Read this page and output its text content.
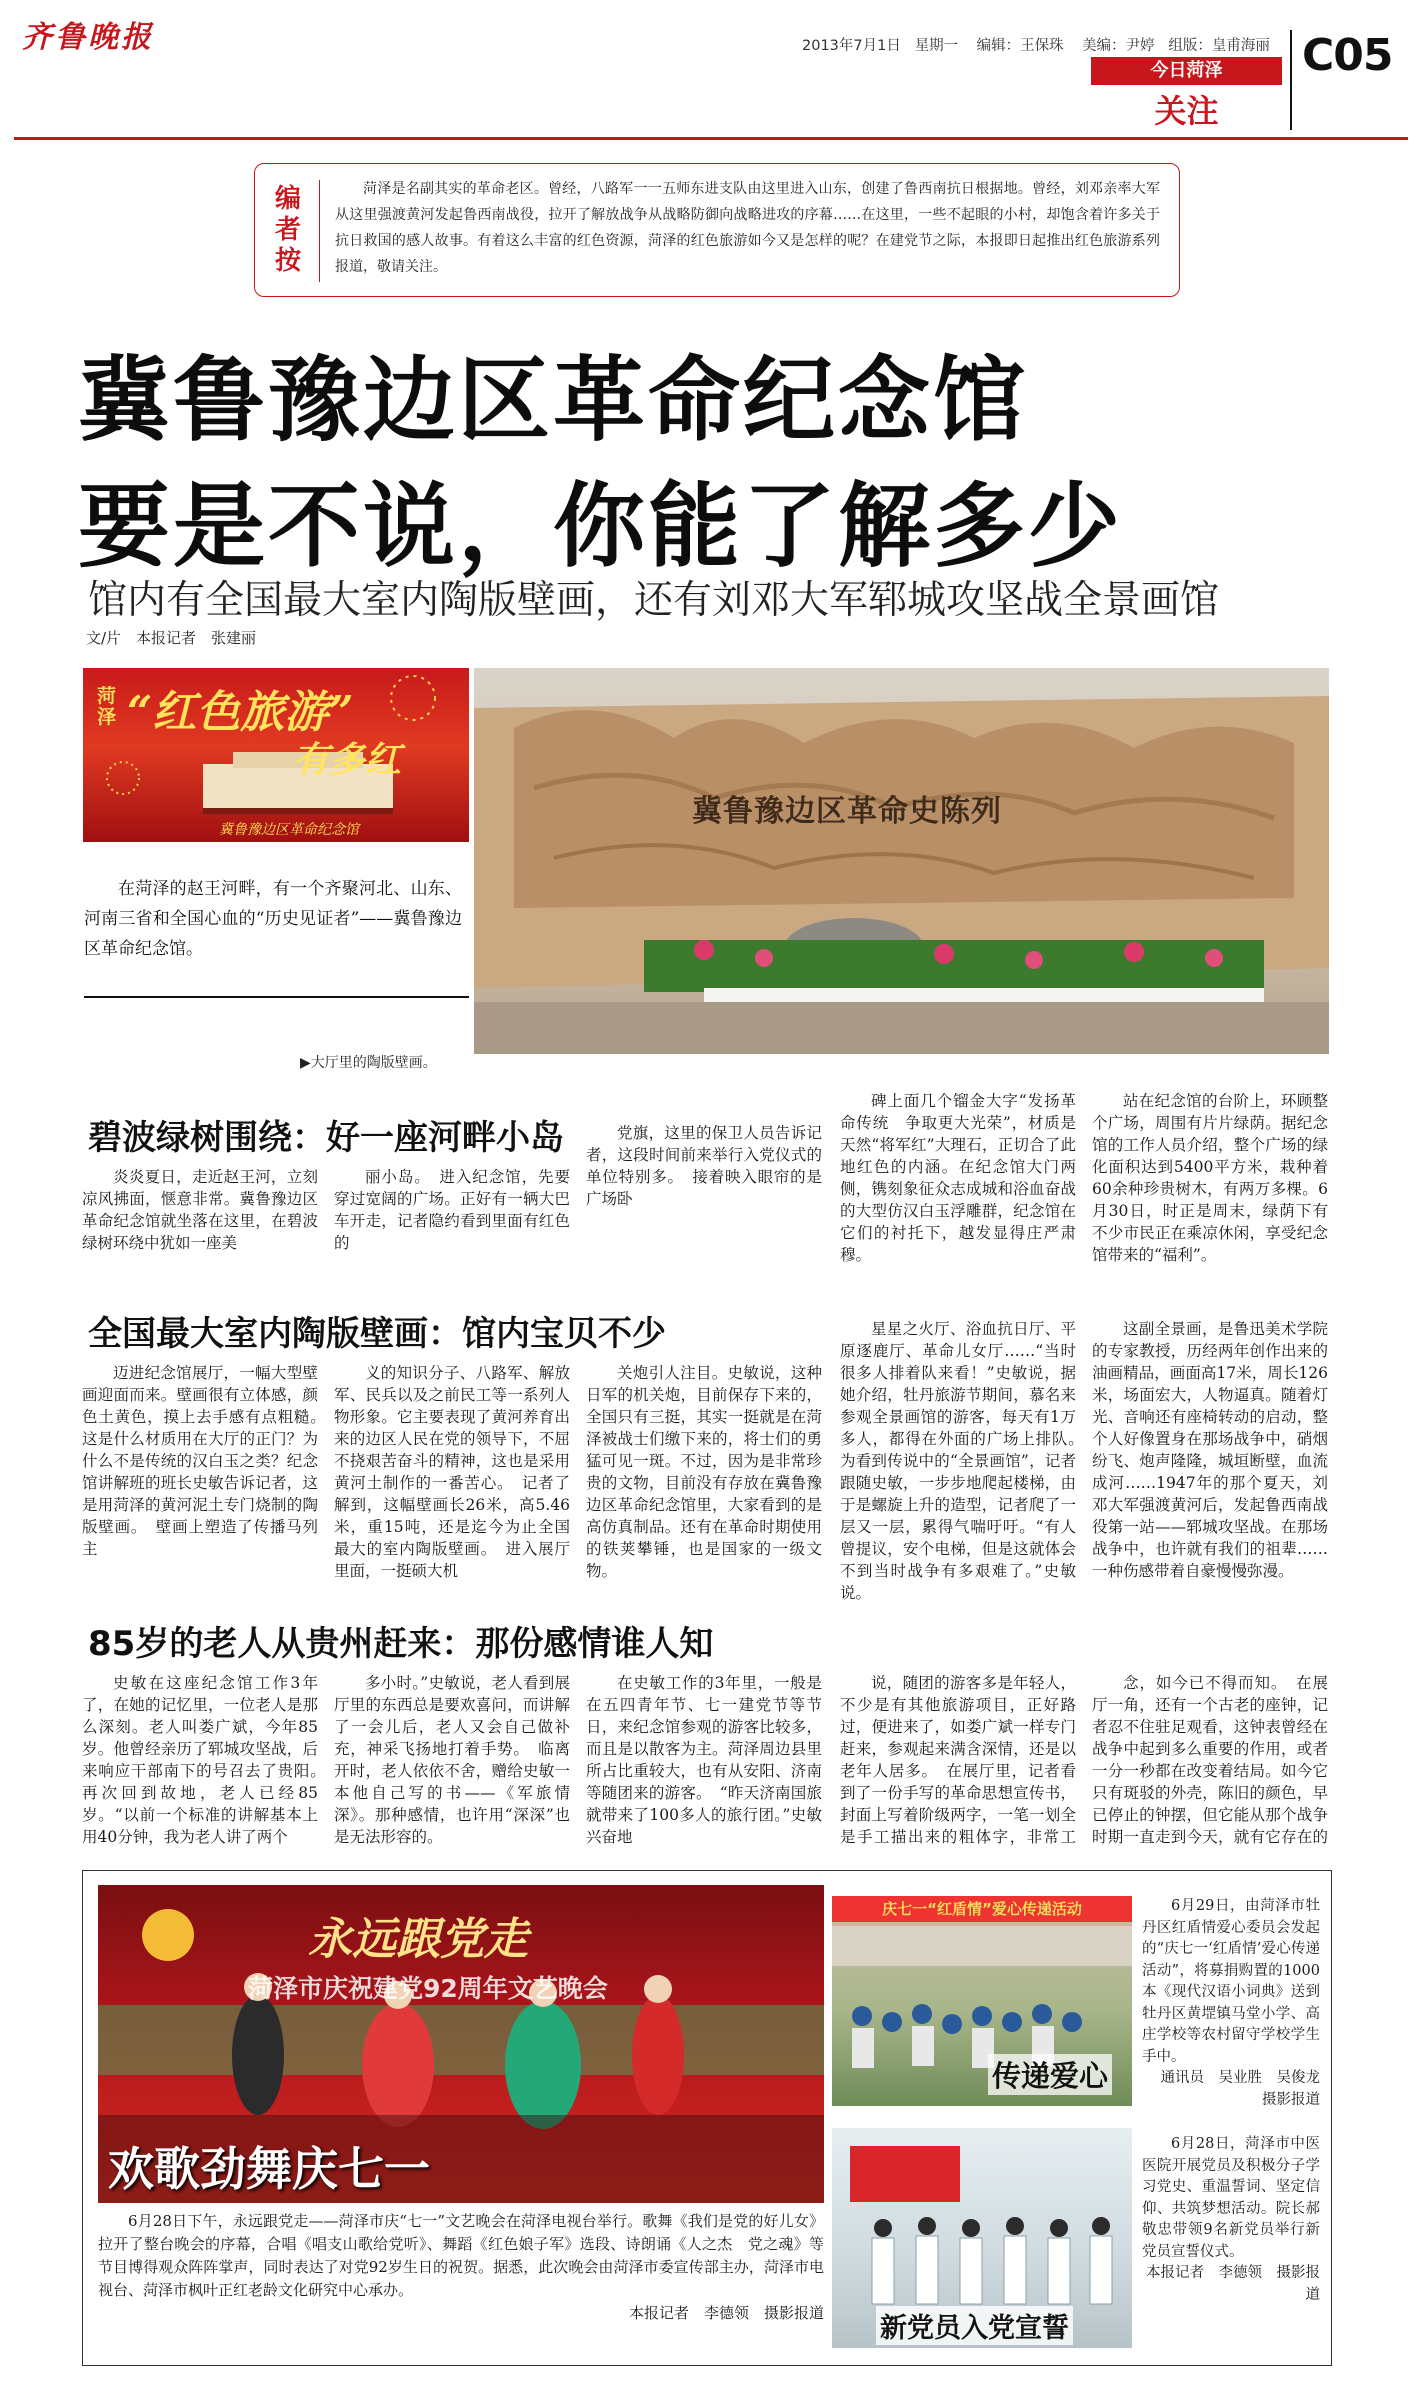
齐鲁晚报	2013年7月1日 星期一 编辑：王保珠 美编：尹婷 组版：皇甫海丽
今日菏泽
关注
C05
编者按
菏泽是名副其实的革命老区。曾经，八路军一一五师东进支队由这里进入山东，创建了鲁西南抗日根据地。曾经，刘邓亲率大军从这里强渡黄河发起鲁西南战役，拉开了解放战争从战略防御向战略进攻的序幕……在这里，一些不起眼的小村，却饱含着许多关于抗日救国的感人故事。有着这么丰富的红色资源，菏泽的红色旅游如今又是怎样的呢？在建党节之际，本报即日起推出红色旅游系列报道，敬请关注。
冀鲁豫边区革命纪念馆
要是不说，你能了解多少
馆内有全国最大室内陶版壁画，还有刘邓大军郓城攻坚战全景画馆
文/片　本报记者　张建丽
菏泽 “红色旅游”
有多红
冀鲁豫边区革命纪念馆
冀鲁豫边区革命史陈列
▶大厅里的陶版壁画。
在菏泽的赵王河畔，有一个齐聚河北、山东、河南三省和全国心血的“历史见证者”——冀鲁豫边区革命纪念馆。
碧波绿树围绕：好一座河畔小岛

炎炎夏日，走近赵王河，立刻凉风拂面，惬意非常。冀鲁豫边区革命纪念馆就坐落在这里，在碧波绿树环绕中犹如一座美

丽小岛。　进入纪念馆，先要穿过宽阔的广场。正好有一辆大巴车开走，记者隐约看到里面有红色的

党旗，这里的保卫人员告诉记者，这段时间前来举行入党仪式的单位特别多。　接着映入眼帘的是广场卧

全国最大室内陶版壁画：馆内宝贝不少

迈进纪念馆展厅，一幅大型壁画迎面而来。壁画很有立体感，颜色土黄色，摸上去手感有点粗糙。　这是什么材质用在大厅的正门？为什么不是传统的汉白玉之类？纪念馆讲解班的班长史敏告诉记者，这是用菏泽的黄河泥土专门烧制的陶版壁画。　壁画上塑造了传播马列主

义的知识分子、八路军、解放军、民兵以及之前民工等一系列人物形象。它主要表现了黄河养育出来的边区人民在党的领导下，不屈不挠艰苦奋斗的精神，这也是采用黄河土制作的一番苦心。　记者了解到，这幅壁画长26米，高5.46米，重15吨，还是迄今为止全国最大的室内陶版壁画。　进入展厅里面，一挺硕大机

关炮引人注目。史敏说，这种日军的机关炮，目前保存下来的，全国只有三挺，其实一挺就是在菏泽被战士们缴下来的，将士们的勇猛可见一斑。不过，因为是非常珍贵的文物，目前没有存放在冀鲁豫边区革命纪念馆里，大家看到的是高仿真制品。还有在革命时期使用的铁荚攀锤，也是国家的一级文物。

85岁的老人从贵州赶来：那份感情谁人知

史敏在这座纪念馆工作3年了，在她的记忆里，一位老人是那么深刻。老人叫娄广斌，今年85岁。他曾经亲历了郓城攻坚战，后来响应干部南下的号召去了贵阳。　再次回到故地，老人已经85岁。“以前一个标准的讲解基本上用40分钟，我为老人讲了两个

多小时。”史敏说，老人看到展厅里的东西总是要欢喜问，而讲解了一会儿后，老人又会自己做补充，神采飞扬地打着手势。　临离开时，老人依依不舍，赠给史敏一本他自己写的书——《军旅情深》。那种感情，也许用“深深”也是无法形容的。

在史敏工作的3年里，一般是在五四青年节、七一建党节等节日，来纪念馆参观的游客比较多，而且是以散客为主。菏泽周边县里所占比重较大，也有从安阳、济南等随团来的游客。　“昨天济南国旅就带来了100多人的旅行团。”史敏兴奋地

碑上面几个镏金大字“发扬革命传统　争取更大光荣”，材质是天然“将军红”大理石，正切合了此地红色的内涵。在纪念馆大门两侧，镌刻象征众志成城和浴血奋战的大型仿汉白玉浮雕群，纪念馆在它们的衬托下，越发显得庄严肃穆。

站在纪念馆的台阶上，环顾整个广场，周围有片片绿荫。据纪念馆的工作人员介绍，整个广场的绿化面积达到5400平方米，栽种着60余种珍贵树木，有两万多棵。6月30日，时正是周末，绿荫下有不少市民正在乘凉休闲，享受纪念馆带来的“福利”。

星星之火厅、浴血抗日厅、平原逐鹿厅、革命儿女厅……“当时很多人排着队来看！”史敏说，据她介绍，牡丹旅游节期间，慕名来参观全景画馆的游客，每天有1万多人，都得在外面的广场上排队。　为看到传说中的“全景画馆”，记者跟随史敏，一步步地爬起楼梯，由于是螺旋上升的造型，记者爬了一层又一层，累得气喘吁吁。“有人曾提议，安个电梯，但是这就体会不到当时战争有多艰难了。”史敏说。

这副全景画，是鲁迅美术学院的专家教授，历经两年创作出来的油画精品，画面高17米，周长126米，场面宏大，人物逼真。随着灯光、音响还有座椅转动的启动，整个人好像置身在那场战争中，硝烟纷飞、炮声隆隆，城垣断壁，血流成河……1947年的那个夏天，刘邓大军强渡黄河后，发起鲁西南战役第一站——郓城攻坚战。在那场战争中，也许就有我们的祖辈……一种伤感带着自豪慢慢弥漫。

说，随团的游客多是年轻人，不少是有其他旅游项目，正好路过，便进来了，如娄广斌一样专门赶来，参观起来满含深情，还是以老年人居多。　在展厅里，记者看到了一份手写的革命思想宣传书，封面上写着阶级两字，一笔一划全是手工描出来的粗体字，非常工

念，如今已不得而知。　在展厅一角，还有一个古老的座钟，记者忍不住驻足观看，这钟表曾经在战争中起到多么重要的作用，或者一分一秒都在改变着结局。如今它只有斑驳的外壳，陈旧的颜色，早已停止的钟摆，但它能从那个战争时期一直走到今天，就有它存在的

永远跟党走
菏泽市庆祝建党92周年文艺晚会
欢歌劲舞庆七一
6月28日下午，永远跟党走——菏泽市庆“七一”文艺晚会在菏泽电视台举行。歌舞《我们是党的好儿女》拉开了整台晚会的序幕，合唱《唱支山歌给党听》、舞蹈《红色娘子军》选段、诗朗诵《人之杰　党之魂》等节目博得观众阵阵掌声，同时表达了对党92岁生日的祝贺。据悉，此次晚会由菏泽市委宣传部主办，菏泽市电视台、菏泽市枫叶正红老龄文化研究中心承办。
本报记者　李德领　摄影报道
庆七一“红盾情”爱心传递活动
传递爱心
6月29日，由菏泽市牡丹区红盾情爱心委员会发起的“庆七一‘红盾情’爱心传递活动”，将募捐购置的1000本《现代汉语小词典》送到牡丹区黄堽镇马堂小学、高庄学校等农村留守学校学生手中。
通讯员　吴业胜　吴俊龙　摄影报道
新党员入党宣誓
6月28日，菏泽市中医医院开展党员及积极分子学习党史、重温誓词、坚定信仰、共筑梦想活动。院长郝敬忠带领9名新党员举行新党员宣誓仪式。
本报记者　李德领　摄影报道
